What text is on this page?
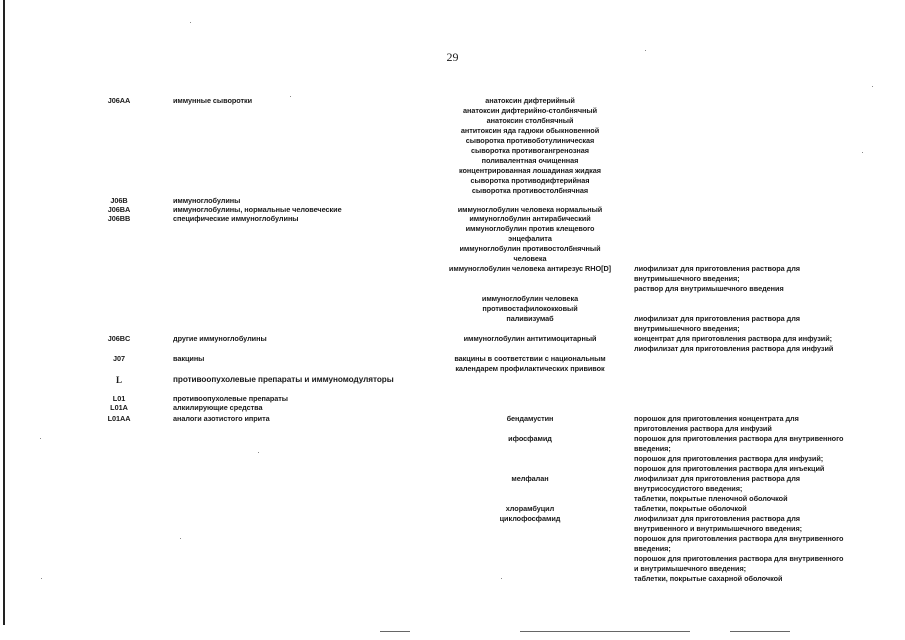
29
J06AA	иммунные сыворотки	анатоксин дифтерийный
анатоксин дифтерийно-столбнячный
анатоксин столбнячный
антитоксин яда гадюки обыкновенной
сыворотка противоботулиническая
сыворотка противогангренозная
поливалентная очищенная
концентрированная лошадиная жидкая
сыворотка противодифтерийная
сыворотка противостолбнячная
J06B	иммуноглобулины
J06BA	иммуноглобулины, нормальные человеческие	иммуноглобулин человека нормальный
J06BB	специфические иммуноглобулины	иммуноглобулин антирабический
иммуноглобулин против клещевого
энцефалита
иммуноглобулин противостолбнячный
человека
иммуноглобулин человека антирезус RHO[D]	лиофилизат для приготовления раствора для
внутримышечного введения;
раствор для внутримышечного введения
иммуноглобулин человека
противостафилококковый
паливизумаб	лиофилизат для приготовления раствора для
внутримышечного введения;
J06BC	другие иммуноглобулины	иммуноглобулин антитимоцитарный	концентрат для приготовления раствора для инфузий;
лиофилизат для приготовления раствора для инфузий
J07	вакцины	вакцины в соответствии с национальным
календарем профилактических прививок
L	противоопухолевые препараты и иммуномодуляторы
L01	противоопухолевые препараты
L01A	алкилирующие средства
L01AA	аналоги азотистого иприта	бендамустин	порошок для приготовления концентрата для
приготовления раствора для инфузий
ифосфамид	порошок для приготовления раствора для внутривенного
введения;
порошок для приготовления раствора для инфузий;
порошок для приготовления раствора для инъекций
мелфалан	лиофилизат для приготовления раствора для
внутрисосудистого введения;
таблетки, покрытые пленочной оболочкой
хлорамбуцил	таблетки, покрытые оболочкой
циклофосфамид	лиофилизат для приготовления раствора для
внутривенного и внутримышечного введения;
порошок для приготовления раствора для внутривенного
введения;
порошок для приготовления раствора для внутривенного
и внутримышечного введения;
таблетки, покрытые сахарной оболочкой
